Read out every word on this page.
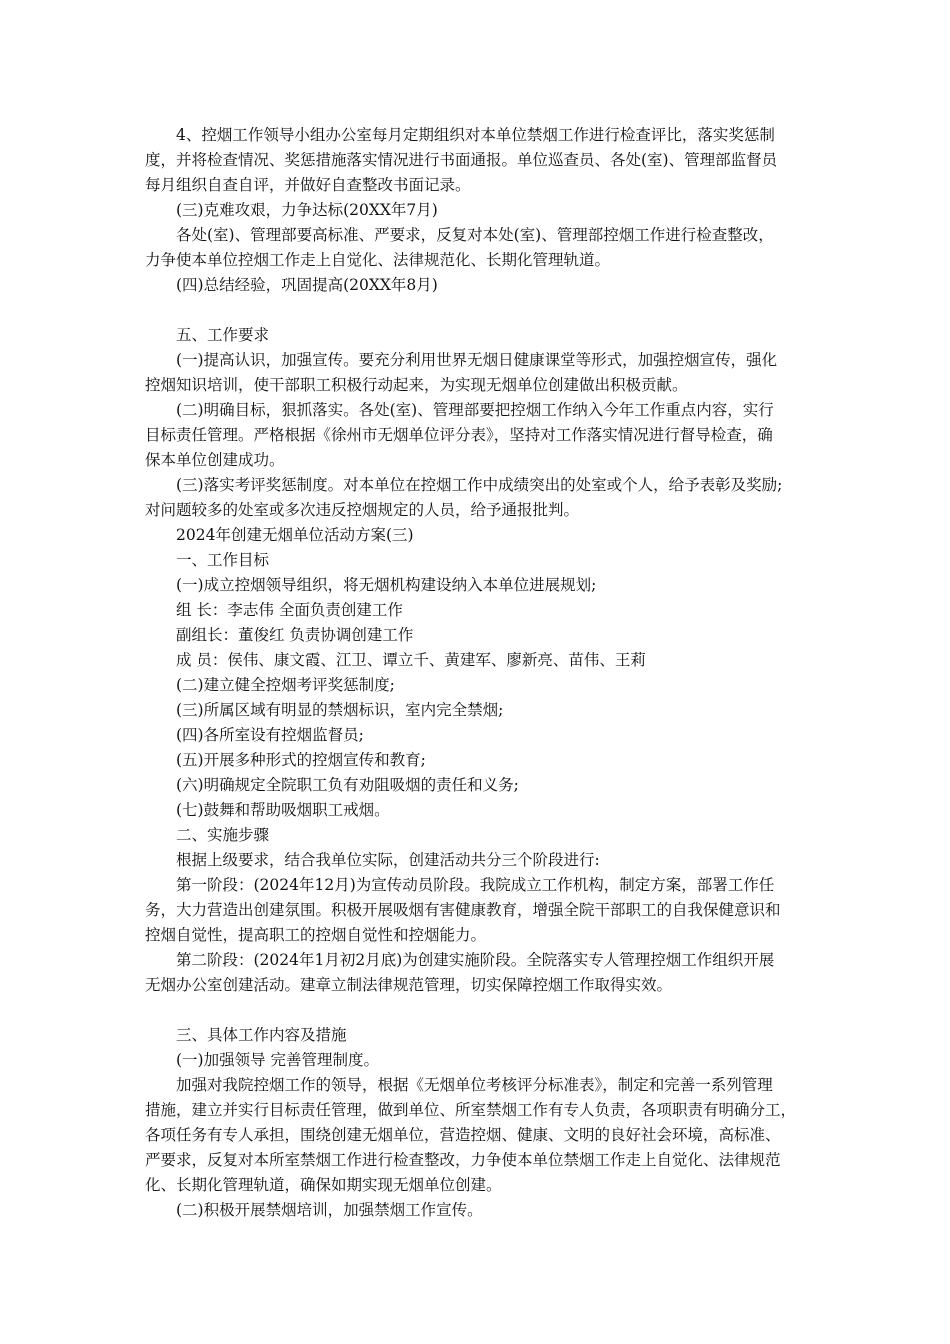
4、控烟工作领导小组办公室每月定期组织对本单位禁烟工作进行检查评比，落实奖惩制
度，并将检查情况、奖惩措施落实情况进行书面通报。单位巡查员、各处(室)、管理部监督员
每月组织自查自评，并做好自查整改书面记录。
(三)克难攻艰，力争达标(20XX年7月)
各处(室)、管理部要高标准、严要求，反复对本处(室)、管理部控烟工作进行检查整改，
力争使本单位控烟工作走上自觉化、法律规范化、长期化管理轨道。
(四)总结经验，巩固提高(20XX年8月)
五、工作要求
(一)提高认识，加强宣传。要充分利用世界无烟日健康课堂等形式，加强控烟宣传，强化
控烟知识培训，使干部职工积极行动起来，为实现无烟单位创建做出积极贡献。
(二)明确目标，狠抓落实。各处(室)、管理部要把控烟工作纳入今年工作重点内容，实行
目标责任管理。严格根据《徐州市无烟单位评分表》，坚持对工作落实情况进行督导检查，确
保本单位创建成功。
(三)落实考评奖惩制度。对本单位在控烟工作中成绩突出的处室或个人，给予表彰及奖励;
对问题较多的处室或多次违反控烟规定的人员，给予通报批判。
2024年创建无烟单位活动方案(三)
一、工作目标
(一)成立控烟领导组织，将无烟机构建设纳入本单位进展规划;
组 长：李志伟 全面负责创建工作
副组长：董俊红 负责协调创建工作
成 员：侯伟、康文霞、江卫、谭立千、黄建军、廖新亮、苗伟、王莉
(二)建立健全控烟考评奖惩制度;
(三)所属区域有明显的禁烟标识，室内完全禁烟;
(四)各所室设有控烟监督员;
(五)开展多种形式的控烟宣传和教育;
(六)明确规定全院职工负有劝阻吸烟的责任和义务;
(七)鼓舞和帮助吸烟职工戒烟。
二、实施步骤
根据上级要求，结合我单位实际，创建活动共分三个阶段进行:
第一阶段：(2024年12月)为宣传动员阶段。我院成立工作机构，制定方案，部署工作任
务，大力营造出创建氛围。积极开展吸烟有害健康教育，增强全院干部职工的自我保健意识和
控烟自觉性，提高职工的控烟自觉性和控烟能力。
第二阶段：(2024年1月初2月底)为创建实施阶段。全院落实专人管理控烟工作组织开展
无烟办公室创建活动。建章立制法律规范管理，切实保障控烟工作取得实效。
三、具体工作内容及措施
(一)加强领导 完善管理制度。
加强对我院控烟工作的领导，根据《无烟单位考核评分标准表》，制定和完善一系列管理
措施，建立并实行目标责任管理，做到单位、所室禁烟工作有专人负责，各项职责有明确分工，
各项任务有专人承担，围绕创建无烟单位，营造控烟、健康、文明的良好社会环境，高标准、
严要求，反复对本所室禁烟工作进行检查整改，力争使本单位禁烟工作走上自觉化、法律规范
化、长期化管理轨道，确保如期实现无烟单位创建。
(二)积极开展禁烟培训，加强禁烟工作宣传。
